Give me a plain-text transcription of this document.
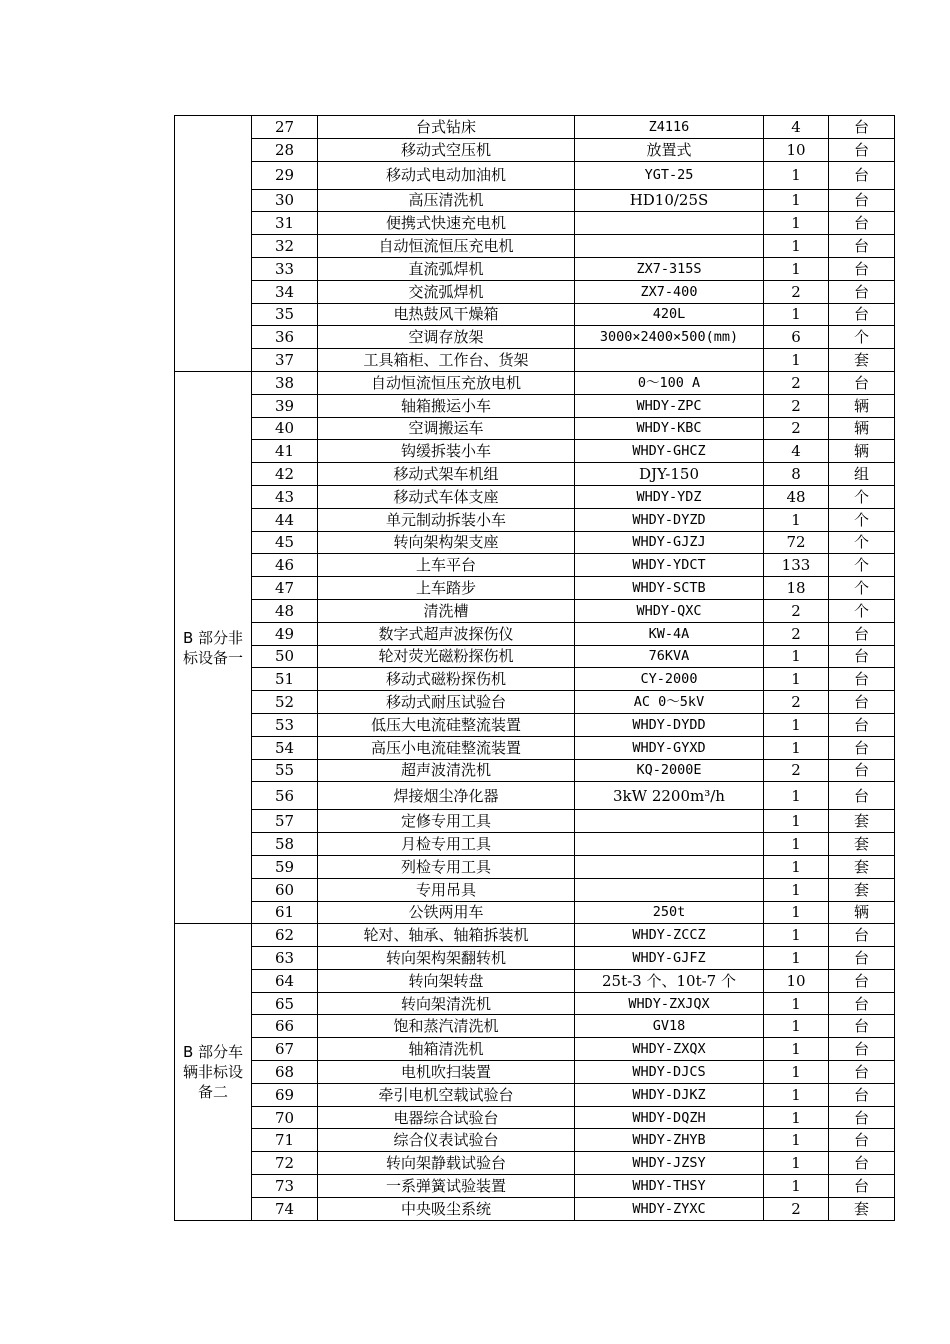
	27	台式钻床	Z4116	4	台
	28	移动式空压机	放置式	10	台
	29	移动式电动加油机	YGT-25	1	台
	30	高压清洗机	HD10/25S	1	台
	31	便携式快速充电机		1	台
	32	自动恒流恒压充电机		1	台
	33	直流弧焊机	ZX7-315S	1	台
	34	交流弧焊机	ZX7-400	2	台
	35	电热鼓风干燥箱	420L	1	台
	36	空调存放架	3000×2400×500(mm)	6	个
	37	工具箱柜、工作台、货架		1	套
B 部分非标设备一	38	自动恒流恒压充放电机	0～100 A	2	台
	39	轴箱搬运小车	WHDY-ZPC	2	辆
	40	空调搬运车	WHDY-KBC	2	辆
	41	钩缓拆装小车	WHDY-GHCZ	4	辆
	42	移动式架车机组	DJY-150	8	组
	43	移动式车体支座	WHDY-YDZ	48	个
	44	单元制动拆装小车	WHDY-DYZD	1	个
	45	转向架构架支座	WHDY-GJZJ	72	个
	46	上车平台	WHDY-YDCT	133	个
	47	上车踏步	WHDY-SCTB	18	个
	48	清洗槽	WHDY-QXC	2	个
	49	数字式超声波探伤仪	KW-4A	2	台
	50	轮对荧光磁粉探伤机	76KVA	1	台
	51	移动式磁粉探伤机	CY-2000	1	台
	52	移动式耐压试验台	AC 0～5kV	2	台
	53	低压大电流硅整流装置	WHDY-DYDD	1	台
	54	高压小电流硅整流装置	WHDY-GYXD	1	台
	55	超声波清洗机	KQ-2000E	2	台
	56	焊接烟尘净化器	3kW 2200m³/h	1	台
	57	定修专用工具		1	套
	58	月检专用工具		1	套
	59	列检专用工具		1	套
	60	专用吊具		1	套
	61	公铁两用车	250t	1	辆
B 部分车辆非标设备二	62	轮对、轴承、轴箱拆装机	WHDY-ZCCZ	1	台
	63	转向架构架翻转机	WHDY-GJFZ	1	台
	64	转向架转盘	25t-3 个、10t-7 个	10	台
	65	转向架清洗机	WHDY-ZXJQX	1	台
	66	饱和蒸汽清洗机	GV18	1	台
	67	轴箱清洗机	WHDY-ZXQX	1	台
	68	电机吹扫装置	WHDY-DJCS	1	台
	69	牵引电机空载试验台	WHDY-DJKZ	1	台
	70	电器综合试验台	WHDY-DQZH	1	台
	71	综合仪表试验台	WHDY-ZHYB	1	台
	72	转向架静载试验台	WHDY-JZSY	1	台
	73	一系弹簧试验装置	WHDY-THSY	1	台
	74	中央吸尘系统	WHDY-ZYXC	2	套
